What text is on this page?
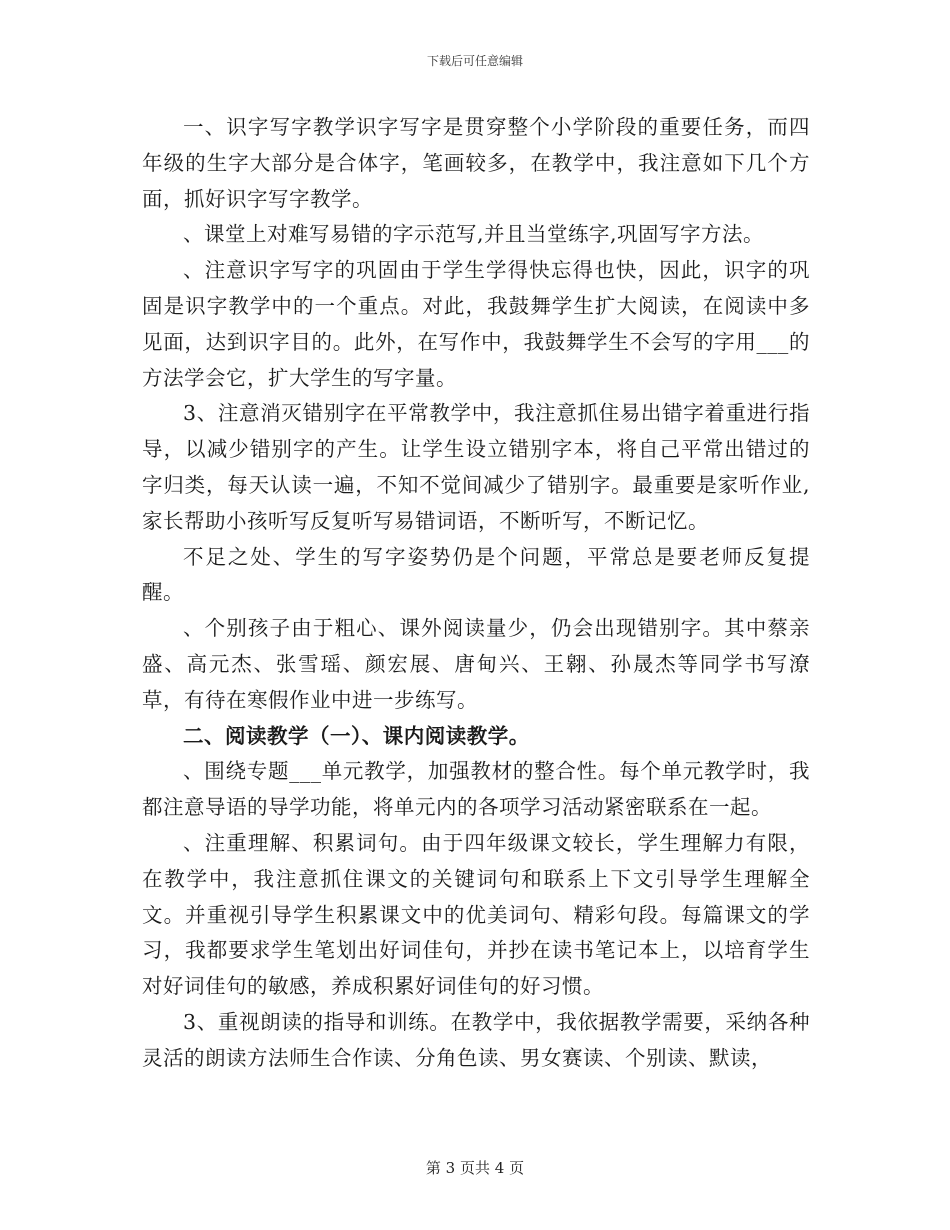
下载后可任意编辑

一、识字写字教学识字写字是贯穿整个小学阶段的重要任务，而四年级的生字大部分是合体字，笔画较多，在教学中，我注意如下几个方面，抓好识字写字教学。

、课堂上对难写易错的字示范写,并且当堂练字,巩固写字方法。

、注意识字写字的巩固由于学生学得快忘得也快，因此，识字的巩固是识字教学中的一个重点。对此，我鼓舞学生扩大阅读，在阅读中多见面，达到识字目的。此外，在写作中，我鼓舞学生不会写的字用___的方法学会它，扩大学生的写字量。

3、注意消灭错别字在平常教学中，我注意抓住易出错字着重进行指导，以减少错别字的产生。让学生设立错别字本，将自己平常出错过的字归类，每天认读一遍，不知不觉间减少了错别字。最重要是家听作业,家长帮助小孩听写反复听写易错词语，不断听写，不断记忆。

不足之处、学生的写字姿势仍是个问题，平常总是要老师反复提醒。

、个别孩子由于粗心、课外阅读量少，仍会出现错别字。其中蔡亲盛、高元杰、张雪瑶、颜宏展、唐甸兴、王翱、孙晟杰等同学书写潦草，有待在寒假作业中进一步练写。

二、阅读教学（一）、课内阅读教学。

、围绕专题___单元教学，加强教材的整合性。每个单元教学时，我都注意导语的导学功能，将单元内的各项学习活动紧密联系在一起。

、注重理解、积累词句。由于四年级课文较长，学生理解力有限，在教学中，我注意抓住课文的关键词句和联系上下文引导学生理解全文。并重视引导学生积累课文中的优美词句、精彩句段。每篇课文的学习，我都要求学生笔划出好词佳句，并抄在读书笔记本上，以培育学生对好词佳句的敏感，养成积累好词佳句的好习惯。

3、重视朗读的指导和训练。在教学中，我依据教学需要，采纳各种灵活的朗读方法师生合作读、分角色读、男女赛读、个别读、默读，

第 3 页共 4 页
